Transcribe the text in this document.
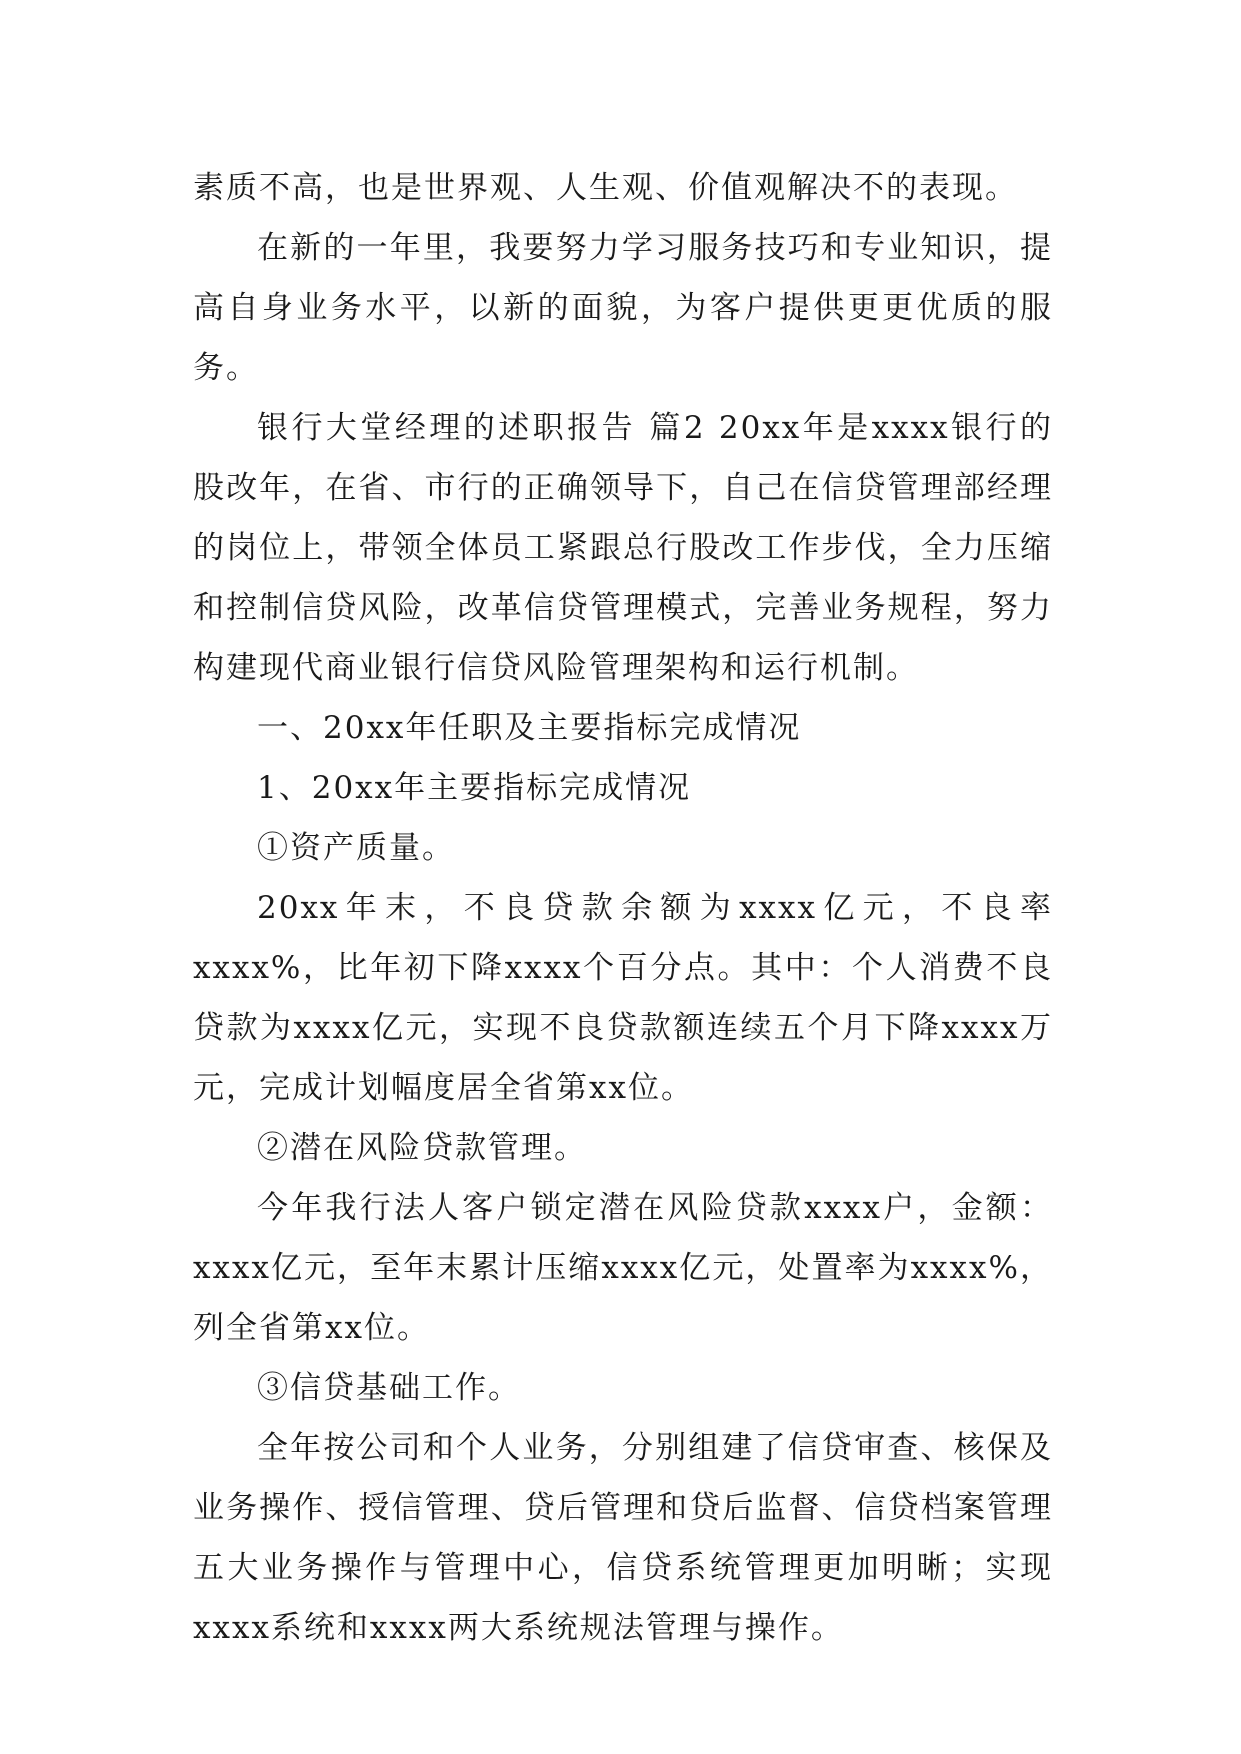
素质不高，也是世界观、人生观、价值观解决不的表现。

在新的一年里，我要努力学习服务技巧和专业知识，提高自身业务水平，以新的面貌，为客户提供更更优质的服务。

银行大堂经理的述职报告 篇2 20xx年是xxxx银行的股改年，在省、市行的正确领导下，自己在信贷管理部经理的岗位上，带领全体员工紧跟总行股改工作步伐，全力压缩和控制信贷风险，改革信贷管理模式，完善业务规程，努力构建现代商业银行信贷风险管理架构和运行机制。

一、20xx年任职及主要指标完成情况

1、20xx年主要指标完成情况

①资产质量。

20xx年末，不良贷款余额为xxxx亿元，不良率xxxx%，比年初下降xxxx个百分点。其中：个人消费不良贷款为xxxx亿元，实现不良贷款额连续五个月下降xxxx万元，完成计划幅度居全省第xx位。

②潜在风险贷款管理。

今年我行法人客户锁定潜在风险贷款xxxx户，金额：xxxx亿元，至年末累计压缩xxxx亿元，处置率为xxxx%，列全省第xx位。

③信贷基础工作。

全年按公司和个人业务，分别组建了信贷审查、核保及业务操作、授信管理、贷后管理和贷后监督、信贷档案管理五大业务操作与管理中心，信贷系统管理更加明晰；实现xxxx系统和xxxx两大系统规法管理与操作。
